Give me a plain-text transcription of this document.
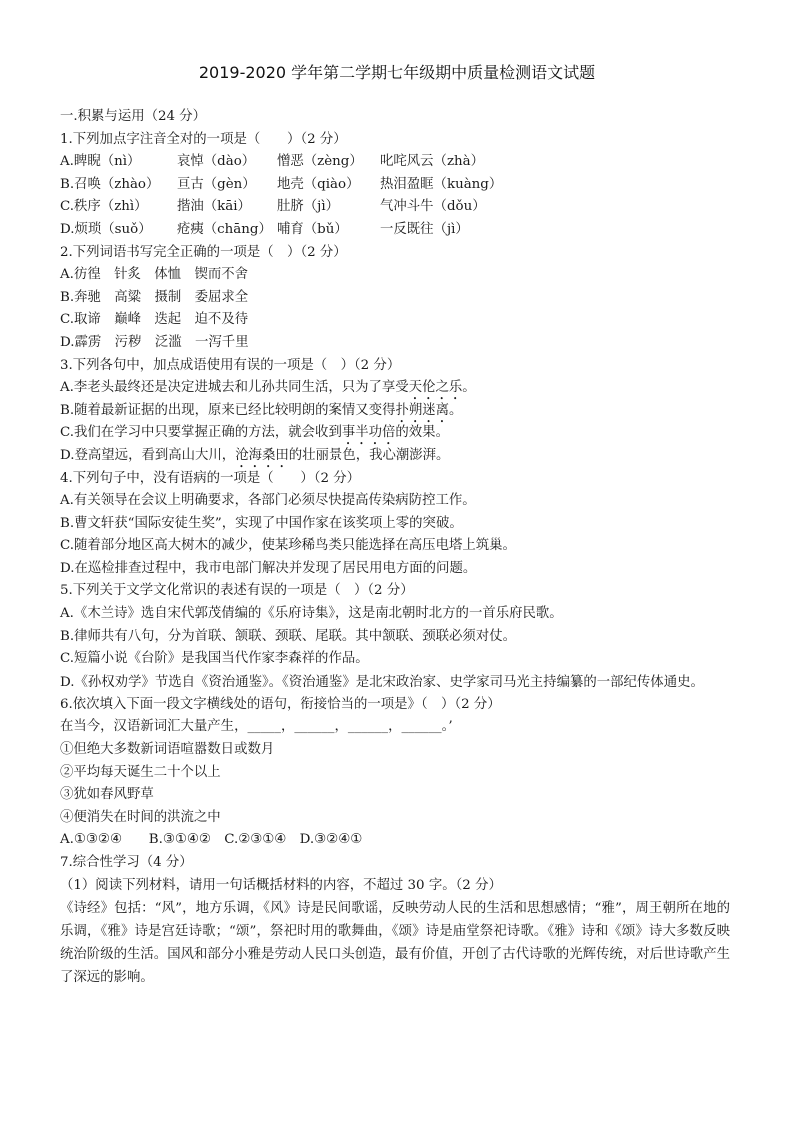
2019-2020 学年第二学期七年级期中质量检测语文试题
一.积累与运用（24 分）
1.下列加点字注音全对的一项是（　　）（2 分）
A.睥睨（nì）	哀悼（dào） 憎恶（zèng） 叱咤风云（zhà）
B.召唤（zhào） 亘古（gèn） 地壳（qiào） 热泪盈眶（kuàng）
C.秩序（zhì） 揩油（kāi） 肚脐（jì）	气冲斗牛（dǒu）
D.烦琐（suǒ） 疮痍（chāng） 哺育（bǔ） 一反既往（jì）
2.下列词语书写完全正确的一项是（　）（2 分）
A.彷徨　针炙　体恤　锲而不舍
B.奔驰　高粱　摄制　委屈求全
C.取谛　巅峰　迭起　迫不及待
D.霹雳　污秽　泛滥　一泻千里
3.下列各句中，加点成语使用有误的一项是（　）（2 分）
A.李老头最终还是决定进城去和儿孙共同生活，只为了享受天伦之乐。
B.随着最新证据的出现，原来已经比较明朗的案情又变得扑朔迷离。
C.我们在学习中只要掌握正确的方法，就会收到事半功倍的效果。
D.登高望远，看到高山大川，沧海桑田的壮丽景色，我心潮澎湃。
4.下列句子中，没有语病的一项是（　　）（2 分）
A.有关领导在会议上明确要求，各部门必须尽快提高传染病防控工作。
B.曹文轩获“国际安徒生奖”，实现了中国作家在该奖项上零的突破。
C.随着部分地区高大树木的减少，使某珍稀鸟类只能选择在高压电塔上筑巢。
D.在巡检排查过程中，我市电部门解决并发现了居民用电方面的问题。
5.下列关于文学文化常识的表述有误的一项是（　）（2 分）
A.《木兰诗》选自宋代郭茂倩编的《乐府诗集》，这是南北朝时北方的一首乐府民歌。
B.律师共有八句，分为首联、颔联、颈联、尾联。其中颔联、颈联必须对仗。
C.短篇小说《台阶》是我国当代作家李森祥的作品。
D.《孙权劝学》节选自《资治通鉴》。《资治通鉴》是北宋政治家、史学家司马光主持编纂的一部纪传体通史。
6.依次填入下面一段文字横线处的语句，衔接恰当的一项是》（　）（2 分）
在当今，汉语新词汇大量产生，_____，______，______，______。’
①但绝大多数新词语喧嚣数日或数月
②平均每天诞生二十个以上
③犹如春风野草
④便消失在时间的洪流之中
A.①③②④　　B.③①④②　C.②③①④　D.③②④①
7.综合性学习（4 分）
（1）阅读下列材料，请用一句话概括材料的内容，不超过 30 字。（2 分）
《诗经》包括：“风”，地方乐调，《风》诗是民间歌谣，反映劳动人民的生活和思想感情；“雅”，周王朝所在地的乐调，《雅》诗是宫廷诗歌；“颂”，祭祀时用的歌舞曲，《颂》诗是庙堂祭祀诗歌。《雅》诗和《颂》诗大多数反映统治阶级的生活。国风和部分小雅是劳动人民口头创造，最有价值，开创了古代诗歌的光辉传统，对后世诗歌产生了深远的影响。
